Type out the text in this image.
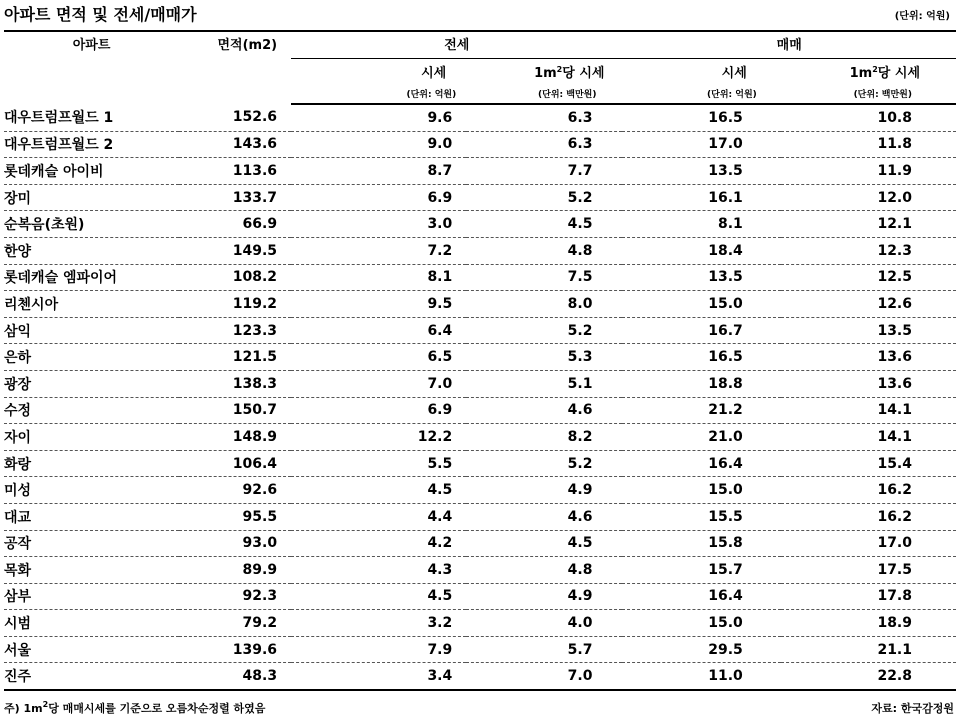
아파트 면적 및 전세/매매가	(단위: 억원)
아파트	면적(m2)	전세		매매	
		시세	$1m^2$당 시세	시세	$1m^2$당 시세
		(단위: 억원)	(단위: 백만원)	(단위: 억원)	(단위: 백만원)
대우트럼프월드 1	152.6	9.6	6.3	16.5	10.8
대우트럼프월드 2	143.6	9.0	6.3	17.0	11.8
롯데캐슬 아이비	113.6	8.7	7.7	13.5	11.9
장미	133.7	6.9	5.2	16.1	12.0
순복음(초원)	66.9	3.0	4.5	8.1	12.1
한양	149.5	7.2	4.8	18.4	12.3
롯데캐슬 엠파이어	108.2	8.1	7.5	13.5	12.5
리첸시아	119.2	9.5	8.0	15.0	12.6
삼익	123.3	6.4	5.2	16.7	13.5
은하	121.5	6.5	5.3	16.5	13.6
광장	138.3	7.0	5.1	18.8	13.6
수정	150.7	6.9	4.6	21.2	14.1
자이	148.9	12.2	8.2	21.0	14.1
화랑	106.4	5.5	5.2	16.4	15.4
미성	92.6	4.5	4.9	15.0	16.2
대교	95.5	4.4	4.6	15.5	16.2
공작	93.0	4.2	4.5	15.8	17.0
목화	89.9	4.3	4.8	15.7	17.5
삼부	92.3	4.5	4.9	16.4	17.8
시범	79.2	3.2	4.0	15.0	18.9
서울	139.6	7.9	5.7	29.5	21.1
진주	48.3	3.4	7.0	11.0	22.8
주) $1m^2$당 매매시세를 기준으로 오름차순정렬 하였음	자료: 한국감정원
